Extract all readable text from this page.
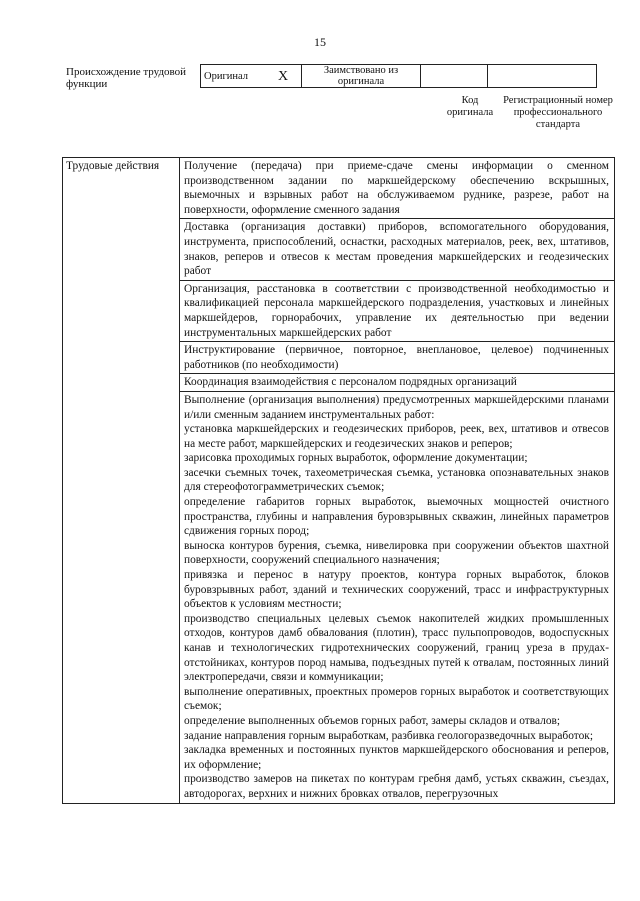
15
Происхождение трудовой функции
Оригинал	X	Заимствовано из оригинала		
Код оригинала
Регистрационный номер профессионального стандарта
Трудовые действия	Получение (передача) при приеме-сдаче смены информации о сменном производственном задании по маркшейдерскому обеспечению вскрышных, выемочных и взрывных работ на обслуживаемом руднике, разрезе, работ на поверхности, оформление сменного задания
Доставка (организация доставки) приборов, вспомогательного оборудования, инструмента, приспособлений, оснастки, расходных материалов, реек, вех, штативов, знаков, реперов и отвесов к местам проведения маркшейдерских и геодезических работ
Организация, расстановка в соответствии с производственной необходимостью и квалификацией персонала маркшейдерского подразделения, участковых и линейных маркшейдеров, горнорабочих, управление их деятельностью при ведении инструментальных маркшейдерских работ
Инструктирование (первичное, повторное, внеплановое, целевое) подчиненных работников (по необходимости)
Координация взаимодействия с персоналом подрядных организаций

Выполнение (организация выполнения) предусмотренных маркшейдерскими планами и/или сменным заданием инструментальных работ:
установка маркшейдерских и геодезических приборов, реек, вех, штативов и отвесов на месте работ, маркшейдерских и геодезических знаков и реперов;
зарисовка проходимых горных выработок, оформление документации;
засечки съемных точек, тахеометрическая съемка, установка опознавательных знаков для стереофотограмметрических съемок;
определение габаритов горных выработок, выемочных мощностей очистного пространства, глубины и направления буровзрывных скважин, линейных параметров сдвижения горных пород;
выноска контуров бурения, съемка, нивелировка при сооружении объектов шахтной поверхности, сооружений специального назначения;
привязка и перенос в натуру проектов, контура горных выработок, блоков буровзрывных работ, зданий и технических сооружений, трасс и инфраструктурных объектов к условиям местности;
производство специальных целевых съемок накопителей жидких промышленных отходов, контуров дамб обвалования (плотин), трасс пульпопроводов, водоспускных канав и технологических гидротехнических сооружений, границ уреза в прудах-отстойниках, контуров пород намыва, подъездных путей к отвалам, постоянных линий электропередачи, связи и коммуникации;
выполнение оперативных, проектных промеров горных выработок и соответствующих съемок;
определение выполненных объемов горных работ, замеры складов и отвалов;
задание направления горным выработкам, разбивка геологоразведочных выработок;
закладка временных и постоянных пунктов маркшейдерского обоснования и реперов, их оформление;
производство замеров на пикетах по контурам гребня дамб, устьях скважин, съездах, автодорогах, верхних и нижних бровках отвалов, перегрузочных
